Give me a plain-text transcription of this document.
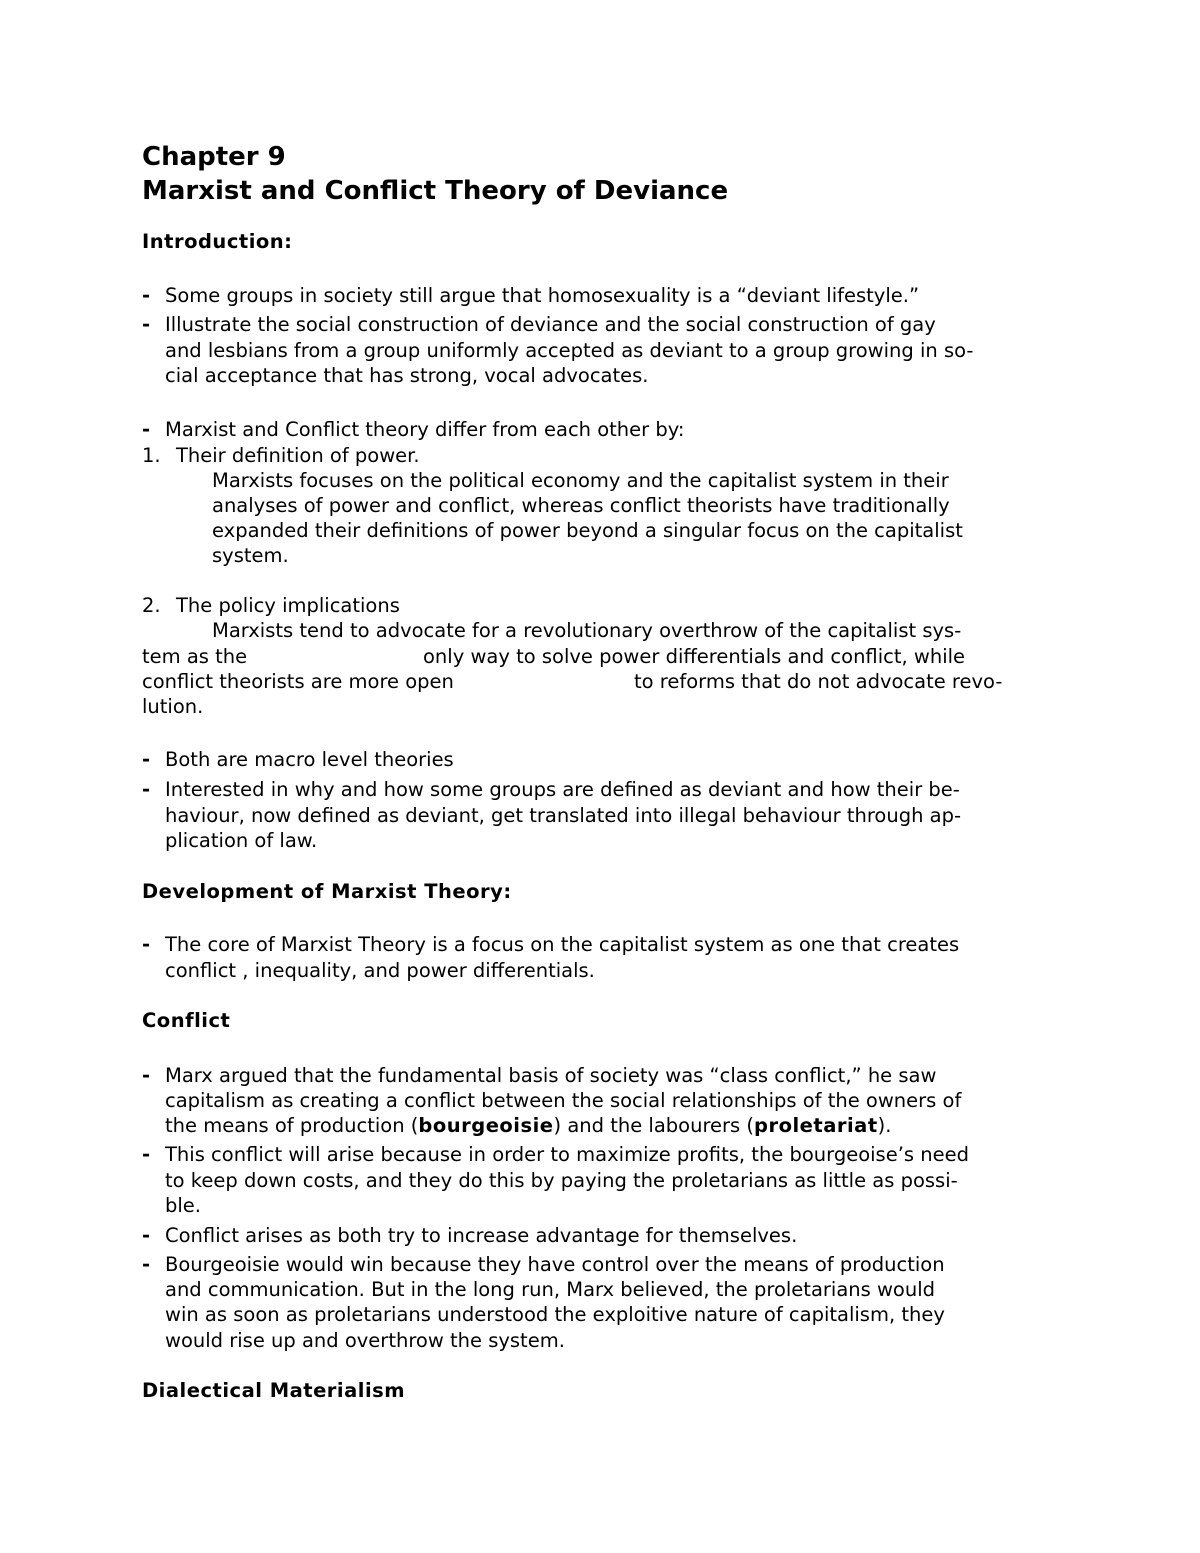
Chapter 9
Marxist and Conflict Theory of Deviance
Introduction:
- Some groups in society still argue that homosexuality is a “deviant lifestyle.”
- Illustrate the social construction of deviance and the social construction of gay
and lesbians from a group uniformly accepted as deviant to a group growing in so-
cial acceptance that has strong, vocal advocates.
- Marxist and Conflict theory differ from each other by:
1. Their definition of power.
Marxists focuses on the political economy and the capitalist system in their
analyses of power and conflict, whereas conflict theorists have traditionally
expanded their definitions of power beyond a singular focus on the capitalist
system.
2. The policy implications
Marxists tend to advocate for a revolutionary overthrow of the capitalist sys-
tem as the	only way to solve power differentials and conflict, while
conflict theorists are more open	to reforms that do not advocate revo-
lution.
- Both are macro level theories
- Interested in why and how some groups are defined as deviant and how their be-
haviour, now defined as deviant, get translated into illegal behaviour through ap-
plication of law.
Development of Marxist Theory:
- The core of Marxist Theory is a focus on the capitalist system as one that creates
conflict , inequality, and power differentials.
Conflict
- Marx argued that the fundamental basis of society was “class conflict,” he saw
capitalism as creating a conflict between the social relationships of the owners of
the means of production (bourgeoisie) and the labourers (proletariat).
- This conflict will arise because in order to maximize profits, the bourgeoise’s need
to keep down costs, and they do this by paying the proletarians as little as possi-
ble.
- Conflict arises as both try to increase advantage for themselves.
- Bourgeoisie would win because they have control over the means of production
and communication. But in the long run, Marx believed, the proletarians would
win as soon as proletarians understood the exploitive nature of capitalism, they
would rise up and overthrow the system.
Dialectical Materialism
